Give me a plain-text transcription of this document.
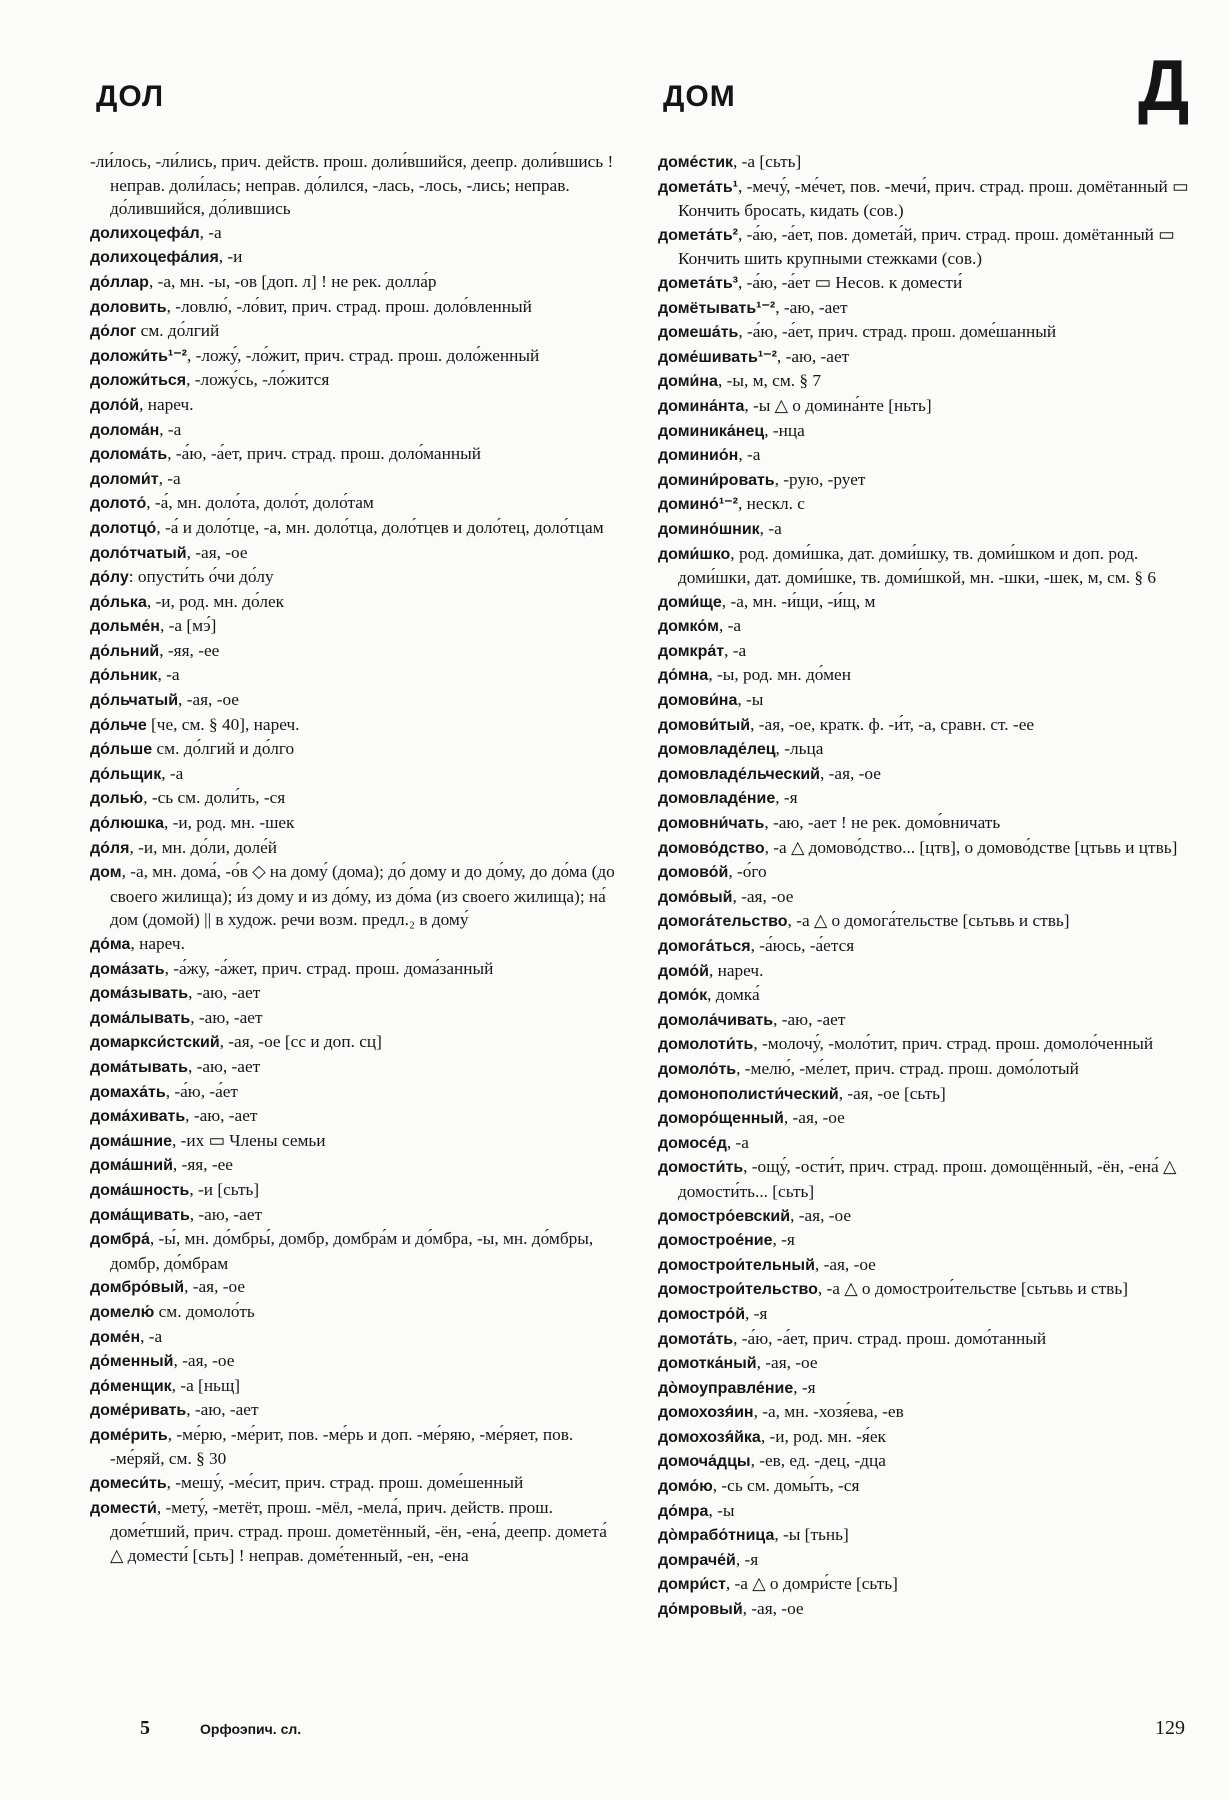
ДОЛ	ДОМ	Д
-ли́лось, -ли́лись, прич. действ. прош. доли́вшийся, деепр. доли́вшись ! неправ. доли́лась; неправ. до́лился, -лась, -лось, -лись; неправ. до́лившийся, до́лившись
долихоцефа́л, -а
долихоцефа́лия, -и
до́ллар, -а, мн. -ы, -ов [доп. л] ! не рек. долла́р
доловить, -ловлю́, -ло́вит, прич. страд. прош. доло́вленный
до́лог см. до́лгий
доложи́ть¹⁻², -ложу́, -ло́жит, прич. страд. прош. доло́женный
доложи́ться, -ложу́сь, -ло́жится
доло́й, нареч.
долома́н, -а
долома́ть, -а́ю, -а́ет, прич. страд. прош. доло́манный
доломи́т, -а
долото́, -а́, мн. доло́та, доло́т, доло́там
долотцо́, -а́ и доло́тце, -а, мн. доло́тца, доло́тцев и доло́тец, доло́тцам
доло́тчатый, -ая, -ое
до́лу: опусти́ть о́чи до́лу
до́лька, -и, род. мн. до́лек
дольме́н, -а [мэ́]
до́льний, -яя, -ее
до́льник, -а
до́льчатый, -ая, -ое
до́льче [че, см. § 40], нареч.
до́льше см. до́лгий и до́лго
до́льщик, -а
долью́, -сь см. доли́ть, -ся
до́люшка, -и, род. мн. -шек
до́ля, -и, мн. до́ли, доле́й
дом, -а, мн. дома́, -о́в ◇ на дому́ (дома); до́ дому и до до́му, до до́ма (до своего жилища); и́з дому и из до́му, из до́ма (из своего жилища); на́ дом (домой) || в худож. речи возм. предл.₂ в дому́
до́ма, нареч.
дома́зать, -а́жу, -а́жет, прич. страд. прош. дома́занный
дома́зывать, -аю, -ает
дома́лывать, -аю, -ает
домаркси́стский, -ая, -ое [сс и доп. сц]
дома́тывать, -аю, -ает
домаха́ть, -а́ю, -а́ет
дома́хивать, -аю, -ает
дома́шние, -их ▭ Члены семьи
дома́шний, -яя, -ее
дома́шность, -и [сьть]
дома́щивать, -аю, -ает
домбра́, -ы́, мн. до́мбры́, домбр, домбра́м и до́мбра, -ы, мн. до́мбры, домбр, до́мбрам
домбро́вый, -ая, -ое
домелю́ см. домоло́ть
доме́н, -а
до́менный, -ая, -ое
до́менщик, -а [ньщ]
доме́ривать, -аю, -ает
доме́рить, -ме́рю, -ме́рит, пов. -ме́рь и доп. -ме́ряю, -ме́ряет, пов. -ме́ряй, см. § 30
домеси́ть, -мешу́, -ме́сит, прич. страд. прош. доме́шенный
домести́, -мету́, -метёт, прош. -мёл, -мела́, прич. действ. прош. доме́тший, прич. страд. прош. дометённый, -ён, -ена́, деепр. домета́ △ домести́ [сьть] ! неправ. доме́тенный, -ен, -ена
доме́стик, -а [сьть]
домета́ть¹, -мечу́, -ме́чет, пов. -мечи́, прич. страд. прош. домётанный ▭ Кончить бросать, кидать (сов.)
домета́ть², -а́ю, -а́ет, пов. домета́й, прич. страд. прош. домётанный ▭ Кончить шить крупными стежками (сов.)
домета́ть³, -а́ю, -а́ет ▭ Несов. к домести́
домётывать¹⁻², -аю, -ает
домеша́ть, -а́ю, -а́ет, прич. страд. прош. доме́шанный
доме́шивать¹⁻², -аю, -ает
доми́на, -ы, м, см. § 7
домина́нта, -ы △ о домина́нте [ньть]
доминика́нец, -нца
доминио́н, -а
домини́ровать, -рую, -рует
домино́¹⁻², нескл. с
домино́шник, -а
доми́шко, род. доми́шка, дат. доми́шку, тв. доми́шком и доп. род. доми́шки, дат. доми́шке, тв. доми́шкой, мн. -шки, -шек, м, см. § 6
доми́ще, -а, мн. -и́щи, -и́щ, м
домко́м, -а
домкра́т, -а
до́мна, -ы, род. мн. до́мен
домови́на, -ы
домови́тый, -ая, -ое, кратк. ф. -и́т, -а, сравн. ст. -ее
домовладе́лец, -льца
домовладе́льческий, -ая, -ое
домовладе́ние, -я
домовни́чать, -аю, -ает ! не рек. домо́вничать
домово́дство, -а △ домово́дство... [цтв], о домово́дстве [цтьвь и цтвь]
домово́й, -о́го
домо́вый, -ая, -ое
домога́тельство, -а △ о домога́тельстве [сьтьвь и ствь]
домога́ться, -а́юсь, -а́ется
домо́й, нареч.
домо́к, домка́
домола́чивать, -аю, -ает
домолоти́ть, -молочу́, -моло́тит, прич. страд. прош. домоло́ченный
домоло́ть, -мелю́, -ме́лет, прич. страд. прош. домо́лотый
домонополисти́ческий, -ая, -ое [сьть]
доморо́щенный, -ая, -ое
домосе́д, -а
домости́ть, -ощу́, -ости́т, прич. страд. прош. домощённый, -ён, -ена́ △ домости́ть... [сьть]
домостро́евский, -ая, -ое
домострое́ние, -я
домострои́тельный, -ая, -ое
домострои́тельство, -а △ о домострои́тельстве [сьтьвь и ствь]
домостро́й, -я
домота́ть, -а́ю, -а́ет, прич. страд. прош. домо́танный
домотка́ный, -ая, -ое
до̀моуправле́ние, -я
домохозя́ин, -а, мн. -хозя́ева, -ев
домохозя́йка, -и, род. мн. -я́ек
домоча́дцы, -ев, ед. -дец, -дца
домо́ю, -сь см. домы́ть, -ся
до́мра, -ы
до̀мрабо́тница, -ы [тьнь]
домраче́й, -я
домри́ст, -а △ о домри́сте [сьть]
до́мровый, -ая, -ое
5	Орфоэпич. сл.	129
